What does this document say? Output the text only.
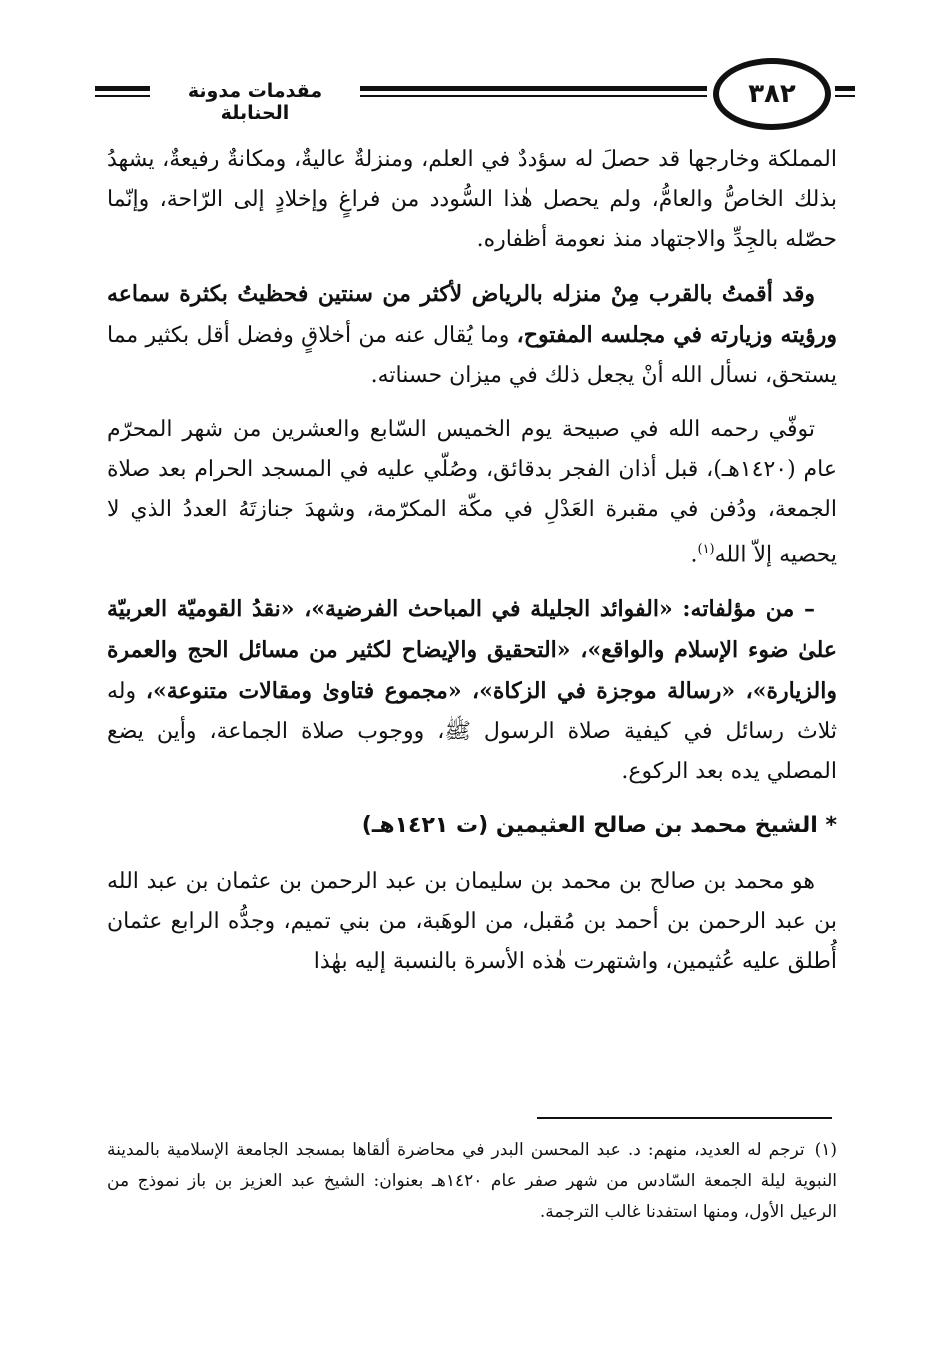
مقدمات مدونة الحنابلة
٣٨٢

المملكة وخارجها قد حصلَ له سؤددٌ في العلم، ومنزلةٌ عاليةٌ، ومكانةٌ رفيعةٌ، يشهدُ بذلك الخاصُّ والعامُّ، ولم يحصل هٰذا السُّودد من فراغٍ وإخلادٍ إلى الرّاحة، وإنّما حصّله بالجِدِّ والاجتهاد منذ نعومة أظفاره.

وقد أقمتُ بالقرب مِنْ منزله بالرياض لأكثر من سنتين فحظيتُ بكثرة سماعه ورؤيته وزيارته في مجلسه المفتوح، وما يُقال عنه من أخلاقٍ وفضل أقل بكثير مما يستحق، نسأل الله أنْ يجعل ذلك في ميزان حسناته.

توفّي رحمه الله في صبيحة يوم الخميس السّابع والعشرين من شهر المحرّم عام (١٤٢٠هـ)، قبل أذان الفجر بدقائق، وصُلّي عليه في المسجد الحرام بعد صلاة الجمعة، ودُفن في مقبرة العَدْلِ في مكّة المكرّمة، وشهدَ جنازتَهُ العددُ الذي لا يحصيه إلاّ الله$^{(١)}$.

– من مؤلفاته: «الفوائد الجليلة في المباحث الفرضية»، «نقدُ القوميّة العربيّة علىٰ ضوء الإسلام والواقع»، «التحقيق والإيضاح لكثير من مسائل الحج والعمرة والزيارة»، «رسالة موجزة في الزكاة»، «مجموع فتاوىٰ ومقالات متنوعة»، وله ثلاث رسائل في كيفية صلاة الرسول ﷺ، ووجوب صلاة الجماعة، وأين يضع المصلي يده بعد الركوع.

* الشيخ محمد بن صالح العثيمين (ت ١٤٢١هـ)

هو محمد بن صالح بن محمد بن سليمان بن عبد الرحمن بن عثمان بن عبد الله بن عبد الرحمن بن أحمد بن مُقبل، من الوهَبة، من بني تميم، وجدُّه الرابع عثمان أُطلق عليه عُثيمين، واشتهرت هٰذه الأسرة بالنسبة إليه بهٰذا

(١)ترجم له العديد، منهم: د. عبد المحسن البدر في محاضرة ألقاها بمسجد الجامعة الإسلامية بالمدينة النبوية ليلة الجمعة السّادس من شهر صفر عام ١٤٢٠هـ بعنوان: الشيخ عبد العزيز بن باز نموذج من الرعيل الأول، ومنها استفدنا غالب الترجمة.
